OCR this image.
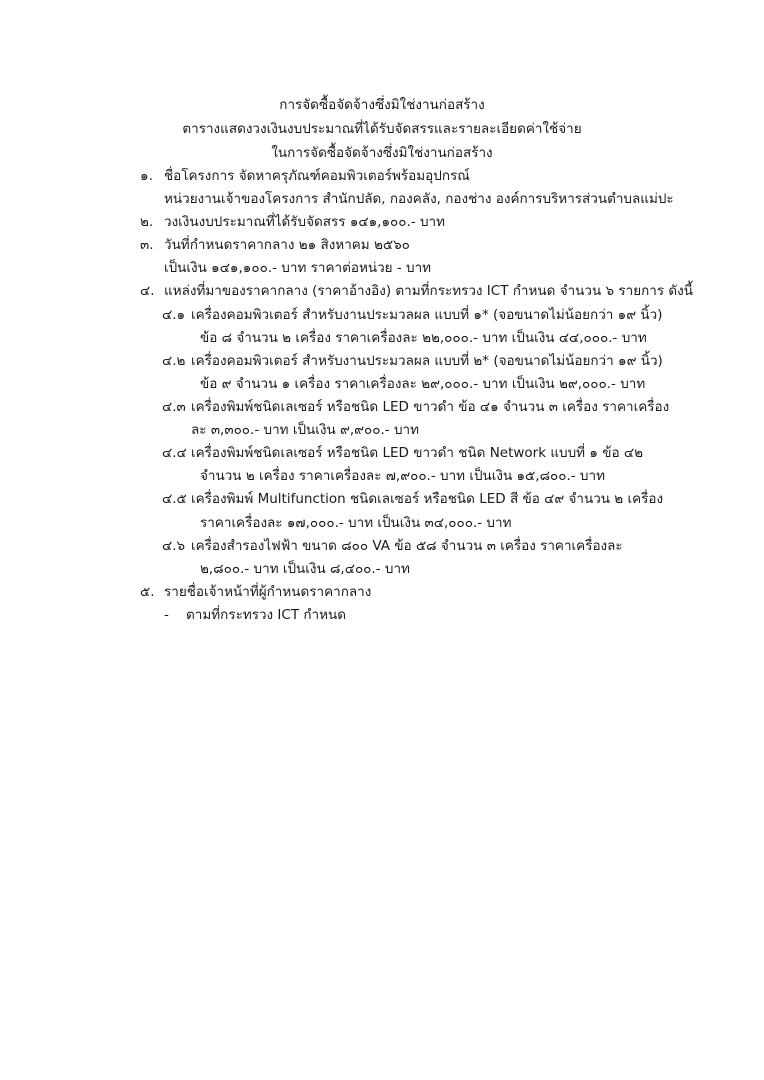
การจัดซื้อจัดจ้างซึ่งมิใช่งานก่อสร้าง
ตารางแสดงวงเงินงบประมาณที่ได้รับจัดสรรและรายละเอียดค่าใช้จ่าย
ในการจัดซื้อจัดจ้างซึ่งมิใช่งานก่อสร้าง
๑. ชื่อโครงการ จัดหาครุภัณฑ์คอมพิวเตอร์พร้อมอุปกรณ์
หน่วยงานเจ้าของโครงการ สำนักปลัด, กองคลัง, กองช่าง องค์การบริหารส่วนตำบลแม่ปะ
๒. วงเงินงบประมาณที่ได้รับจัดสรร ๑๔๑,๑๐๐.- บาท
๓. วันที่กำหนดราคากลาง ๒๑ สิงหาคม ๒๕๖๐
เป็นเงิน ๑๔๑,๑๐๐.- บาท ราคาต่อหน่วย - บาท
๔. แหล่งที่มาของราคากลาง (ราคาอ้างอิง) ตามที่กระทรวง ICT กำหนด จำนวน ๖ รายการ ดังนี้
๔.๑ เครื่องคอมพิวเตอร์ สำหรับงานประมวลผล แบบที่ ๑* (จอขนาดไม่น้อยกว่า ๑๙ นิ้ว)
ข้อ ๘ จำนวน ๒ เครื่อง ราคาเครื่องละ ๒๒,๐๐๐.- บาท เป็นเงิน ๔๔,๐๐๐.- บาท
๔.๒ เครื่องคอมพิวเตอร์ สำหรับงานประมวลผล แบบที่ ๒* (จอขนาดไม่น้อยกว่า ๑๙ นิ้ว)
ข้อ ๙ จำนวน ๑ เครื่อง ราคาเครื่องละ ๒๙,๐๐๐.- บาท เป็นเงิน ๒๙,๐๐๐.- บาท
๔.๓ เครื่องพิมพ์ชนิดเลเซอร์ หรือชนิด LED ขาวดำ ข้อ ๔๑ จำนวน ๓ เครื่อง ราคาเครื่อง
ละ ๓,๓๐๐.- บาท เป็นเงิน ๙,๙๐๐.- บาท
๔.๔ เครื่องพิมพ์ชนิดเลเซอร์ หรือชนิด LED ขาวดำ ชนิด Network แบบที่ ๑ ข้อ ๔๒
จำนวน ๒ เครื่อง ราคาเครื่องละ ๗,๙๐๐.- บาท เป็นเงิน ๑๕,๘๐๐.- บาท
๔.๕ เครื่องพิมพ์ Multifunction ชนิดเลเซอร์ หรือชนิด LED สี ข้อ ๔๙ จำนวน ๒ เครื่อง
ราคาเครื่องละ ๑๗,๐๐๐.- บาท เป็นเงิน ๓๔,๐๐๐.- บาท
๔.๖ เครื่องสำรองไฟฟ้า ขนาด ๘๐๐ VA ข้อ ๕๘ จำนวน ๓ เครื่อง ราคาเครื่องละ
๒,๘๐๐.- บาท เป็นเงิน ๘,๔๐๐.- บาท
๕. รายชื่อเจ้าหน้าที่ผู้กำหนดราคากลาง
- ตามที่กระทรวง ICT กำหนด
